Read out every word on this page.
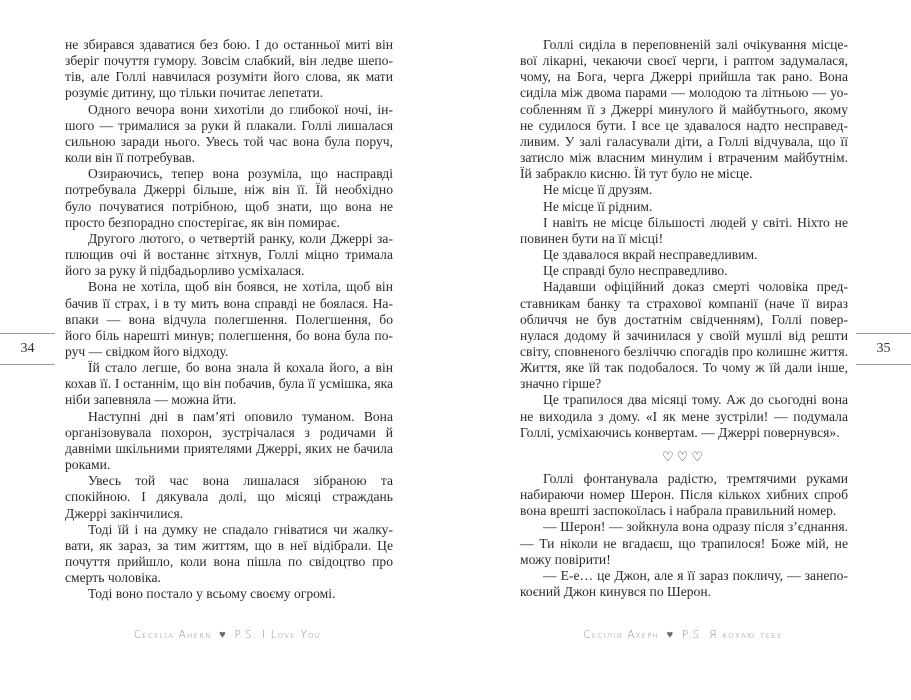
не збирався здаватися без бою. І до останньої миті він зберіг почуття гумору. Зовсім слабкий, він ледве шепотів, але Голлі навчилася розуміти його слова, як мати розуміє дитину, що тільки почитає лепетати.

Одного вечора вони хихотіли до глибокої ночі, іншого — трималися за руки й плакали. Голлі лишалася сильною заради нього. Увесь той час вона була поруч, коли він її потребував.

Озираючись, тепер вона розуміла, що насправді потребувала Джеррі більше, ніж він її. Їй необхідно було почуватися потрібною, щоб знати, що вона не просто безпорадно спостерігає, як він помирає.

Другого лютого, о четвертій ранку, коли Джеррі заплющив очі й востаннє зітхнув, Голлі міцно тримала його за руку й підбадьорливо усміхалася.

Вона не хотіла, щоб він боявся, не хотіла, щоб він бачив її страх, і в ту мить вона справді не боялася. Навпаки — вона відчула полегшення. Полегшення, бо його біль нарешті минув; полегшення, бо вона була поруч — свідком його відходу.

Їй стало легше, бо вона знала й кохала його, а він кохав її. І останнім, що він побачив, була її усмішка, яка ніби запевняла — можна йти.

Наступні дні в пам’яті оповило туманом. Вона організовувала похорон, зустрічалася з родичами й давніми шкільними приятелями Джеррі, яких не бачила роками.

Увесь той час вона лишалася зібраною та спокійною. І дякувала долі, що місяці страждань Джеррі закінчилися.

Тоді їй і на думку не спадало гніватися чи жалкувати, як зараз, за тим життям, що в неї відібрали. Це почуття прийшло, коли вона пішла по свідоцтво про смерть чоловіка.

Тоді воно постало у всьому своєму огромі.

34
Cecelia Ahern ♥ P.S. I Love You

Голлі сиділа в переповненій залі очікування місцевої лікарні, чекаючи своєї черги, і раптом задумалася, чому, на Бога, черга Джеррі прийшла так рано. Вона сиділа між двома парами — молодою та літньою — уособленням її з Джеррі минулого й майбутнього, якому не судилося бути. І все це здавалося надто несправедливим. У залі галасували діти, а Голлі відчувала, що її затисло між власним минулим і втраченим майбутнім. Їй забракло кисню. Їй тут було не місце.

Не місце її друзям.

Не місце її рідним.

І навіть не місце більшості людей у світі. Ніхто не повинен бути на її місці!

Це здавалося вкрай несправедливим.

Це справді було несправедливо.

Надавши офіційний доказ смерті чоловіка представникам банку та страхової компанії (наче її вираз обличчя не був достатнім свідченням), Голлі повернулася додому й зачинилася у своїй мушлі від решти світу, сповненого безліччю спогадів про колишнє життя. Життя, яке їй так подобалося. То чому ж їй дали інше, значно гірше?

Це трапилося два місяці тому. Аж до сьогодні вона не виходила з дому. «І як мене зустріли! — подумала Голлі, усміхаючись конвертам. — Джеррі повернувся».

♡♡♡

Голлі фонтанувала радістю, тремтячими руками набираючи номер Шерон. Після кількох хибних спроб вона врешті заспокоїлась і набрала правильний номер.

— Шерон! — зойкнула вона одразу після з’єднання. — Ти ніколи не вгадаєш, що трапилося! Боже мій, не можу повірити!

— Е-е… це Джон, але я її зараз покличу, — занепокоєний Джон кинувся по Шерон.

35
Сесілія Ахерн ♥ P.S. Я кохаю тебе
